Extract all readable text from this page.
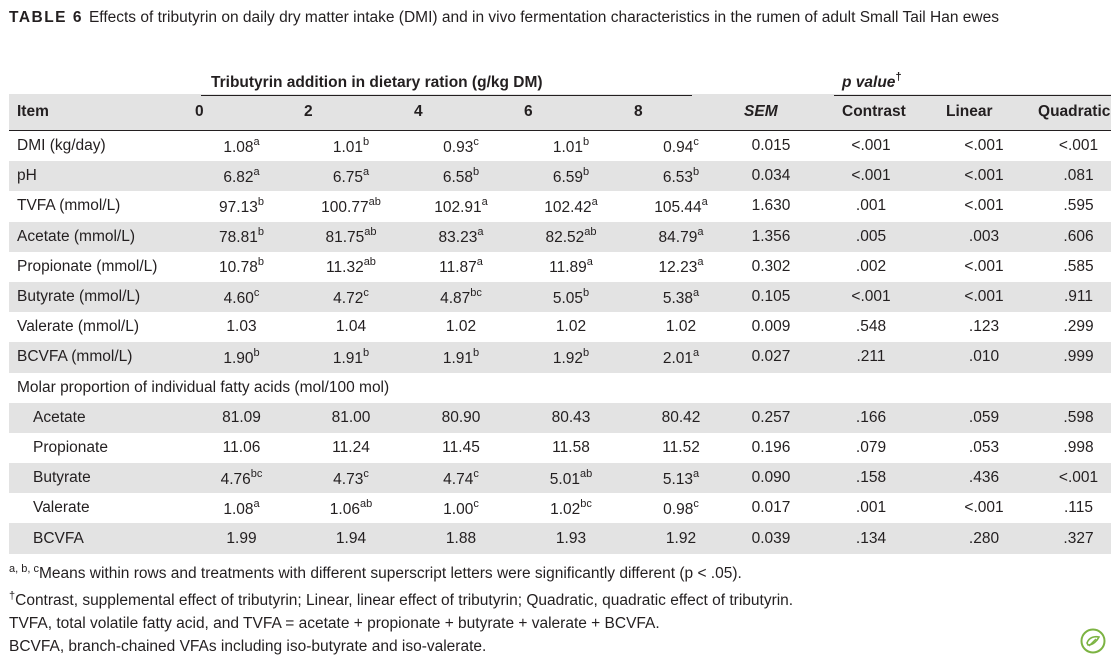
TABLE 6 Effects of tributyrin on daily dry matter intake (DMI) and in vivo fermentation characteristics in the rumen of adult Small Tail Han ewes
	Tributyrin addition in dietary ration (g/kg DM)						p value†

Item	0	2	4	6	8	SEM	Contrast	Linear	Quadratic
DMI (kg/day)	1.08a	1.01b	0.93c	1.01b	0.94c	0.015	<.001	<.001	<.001
pH	6.82a	6.75a	6.58b	6.59b	6.53b	0.034	<.001	<.001	.081
TVFA (mmol/L)	97.13b	100.77ab	102.91a	102.42a	105.44a	1.630	.001	<.001	.595
Acetate (mmol/L)	78.81b	81.75ab	83.23a	82.52ab	84.79a	1.356	.005	.003	.606
Propionate (mmol/L)	10.78b	11.32ab	11.87a	11.89a	12.23a	0.302	.002	<.001	.585
Butyrate (mmol/L)	4.60c	4.72c	4.87bc	5.05b	5.38a	0.105	<.001	<.001	.911
Valerate (mmol/L)	1.03	1.04	1.02	1.02	1.02	0.009	.548	.123	.299
BCVFA (mmol/L)	1.90b	1.91b	1.91b	1.92b	2.01a	0.027	.211	.010	.999
Molar proportion of individual fatty acids (mol/100 mol)									
Acetate	81.09	81.00	80.90	80.43	80.42	0.257	.166	.059	.598
Propionate	11.06	11.24	11.45	11.58	11.52	0.196	.079	.053	.998
Butyrate	4.76bc	4.73c	4.74c	5.01ab	5.13a	0.090	.158	.436	<.001
Valerate	1.08a	1.06ab	1.00c	1.02bc	0.98c	0.017	.001	<.001	.115
BCVFA	1.99	1.94	1.88	1.93	1.92	0.039	.134	.280	.327
$^{a, b, c}$Means within rows and treatments with different superscript letters were significantly different (p < .05).
†Contrast, supplemental effect of tributyrin; Linear, linear effect of tributyrin; Quadratic, quadratic effect of tributyrin.
TVFA, total volatile fatty acid, and TVFA = acetate + propionate + butyrate + valerate + BCVFA.
BCVFA, branch-chained VFAs including iso-butyrate and iso-valerate.
